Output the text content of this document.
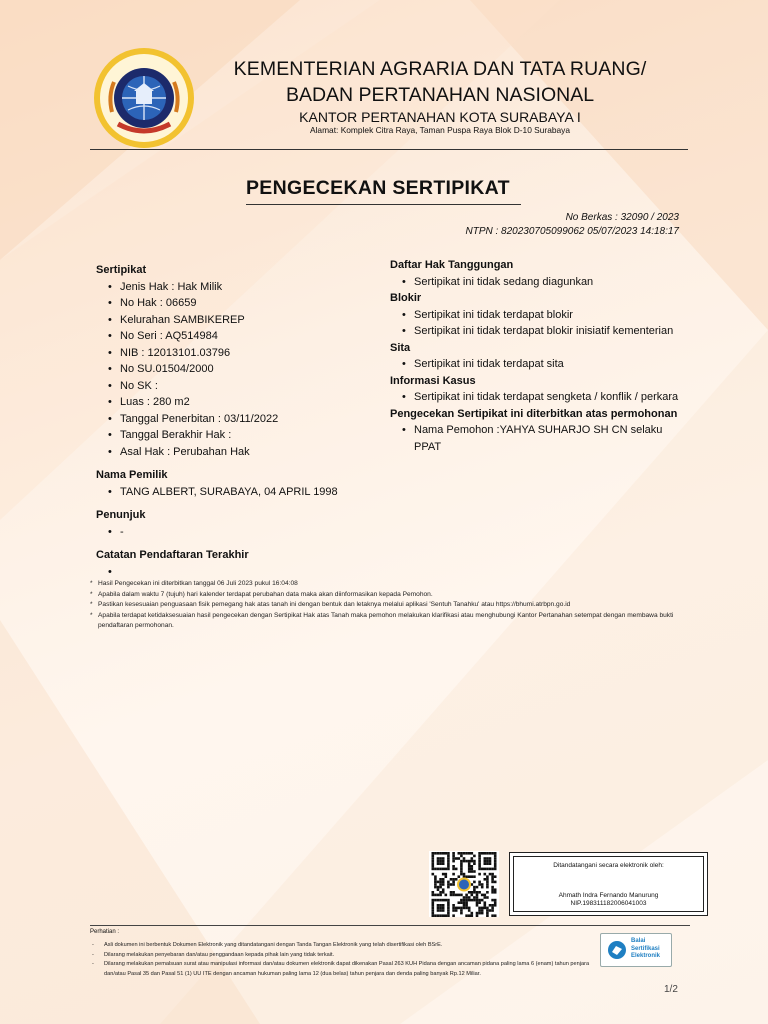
KEMENTERIAN AGRARIA DAN TATA RUANG/
BADAN PERTANAHAN NASIONAL
KANTOR PERTANAHAN KOTA SURABAYA I
Alamat: Komplek Citra Raya, Taman Puspa Raya Blok D-10 Surabaya
PENGECEKAN SERTIPIKAT
No Berkas : 32090 / 2023
NTPN : 820230705099062 05/07/2023 14:18:17
Sertipikat
• Jenis Hak : Hak Milik
• No Hak : 06659
• Kelurahan SAMBIKEREP
• No Seri : AQ514984
• NIB : 12013101.03796
• No SU.01504/2000
• No SK :
• Luas : 280 m2
• Tanggal Penerbitan : 03/11/2022
• Tanggal Berakhir Hak :
• Asal Hak : Perubahan Hak
Nama Pemilik
• TANG ALBERT, SURABAYA, 04 APRIL 1998
Penunjuk
• -
Catatan Pendaftaran Terakhir
•
Daftar Hak Tanggungan
• Sertipikat ini tidak sedang diagunkan
Blokir
• Sertipikat ini tidak terdapat blokir
• Sertipikat ini tidak terdapat blokir inisiatif kementerian
Sita
• Sertipikat ini tidak terdapat sita
Informasi Kasus
• Sertipikat ini tidak terdapat sengketa / konflik / perkara
Pengecekan Sertipikat ini diterbitkan atas permohonan
• Nama Pemohon :YAHYA SUHARJO SH CN selaku PPAT
* Hasil Pengecekan ini diterbitkan tanggal 06 Juli 2023 pukul 16:04:08
* Apabila dalam waktu 7 (tujuh) hari kalender terdapat perubahan data maka akan diinformasikan kepada Pemohon.
* Pastikan kesesuaian penguasaan fisik pemegang hak atas tanah ini dengan bentuk dan letaknya melalui aplikasi 'Sentuh Tanahku' atau https://bhumi.atrbpn.go.id
* Apabila terdapat ketidaksesuaian hasil pengecekan dengan Sertipikat Hak atas Tanah maka pemohon melakukan klarifikasi atau menghubungi Kantor Pertanahan setempat dengan membawa bukti pendaftaran permohonan.
Ditandatangani secara elektronik oleh:
Ahmath Indra Fernando Manurung
NIP.198311182006041003
Perhatian :
- Asli dokumen ini berbentuk Dokumen Elektronik yang ditandatangani dengan Tanda Tangan Elektronik yang telah disertifikasi oleh BSrE.
- Dilarang melakukan penyebaran dan/atau penggandaan kepada pihak lain yang tidak terkait.
- Dilarang melakukan pemalsuan surat atau manipulasi informasi dan/atau dokumen elektronik dapat dikenakan Pasal 263 KUH Pidana dengan ancaman pidana paling lama 6 (enam) tahun penjara dan/atau Pasal 35 dan Pasal 51 (1) UU ITE dengan ancaman hukuman paling lama 12 (dua belas) tahun penjara dan denda paling banyak Rp.12 Miliar.
Balai
Sertifikasi
Elektronik
1/2
